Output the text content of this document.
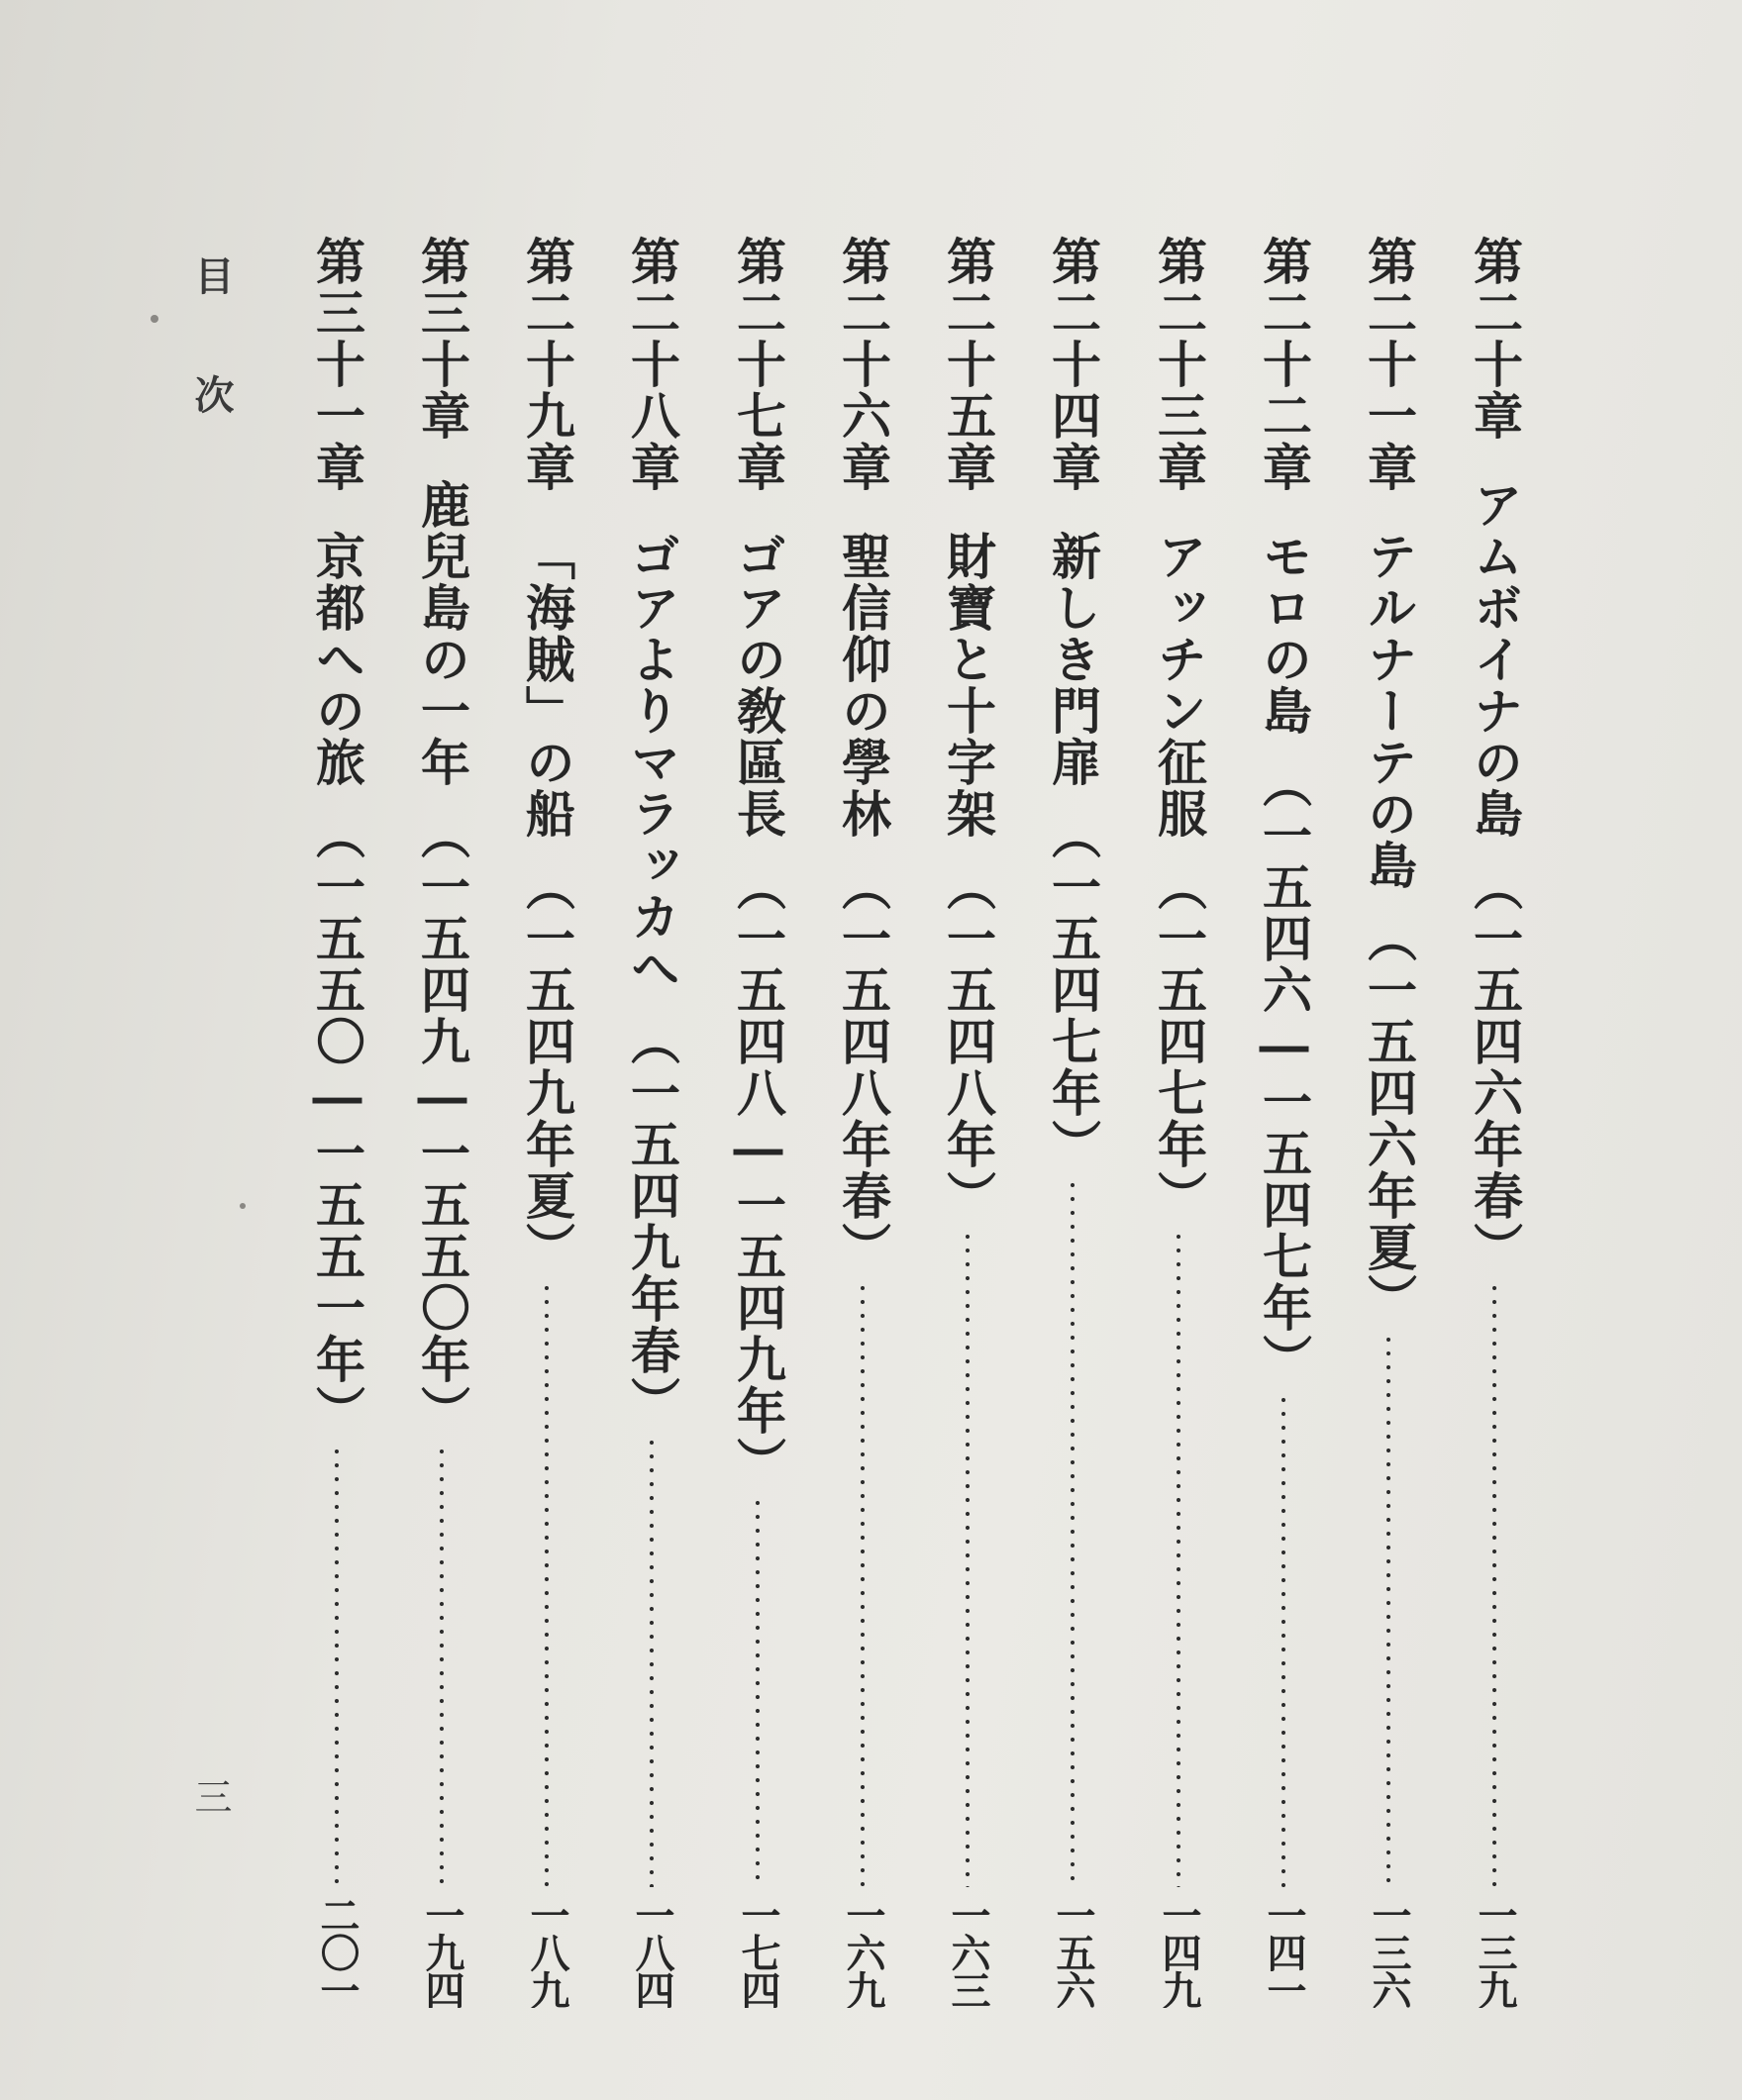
目次
三
第二十章
アムボイナの島
（一五四六年春）
一三九
第二十一章
テルナーテの島
（一五四六年夏）
一三六
第二十二章
モロの島
（一五四六―一五四七年）
一四一
第二十三章
アッチン征服
（一五四七年）
一四九
第二十四章
新しき門扉
（一五四七年）
一五六
第二十五章
財寶と十字架
（一五四八年）
一六三
第二十六章
聖信仰の學林
（一五四八年春）
一六九
第二十七章
ゴアの敎區長
（一五四八―一五四九年）
一七四
第二十八章
ゴアよりマラッカへ
（一五四九年春）
一八四
第二十九章
「海賊」の船
（一五四九年夏）
一八九
第三十章
鹿兒島の一年
（一五四九―一五五〇年）
一九四
第三十一章
京都への旅
（一五五〇―一五五一年）
二〇一
